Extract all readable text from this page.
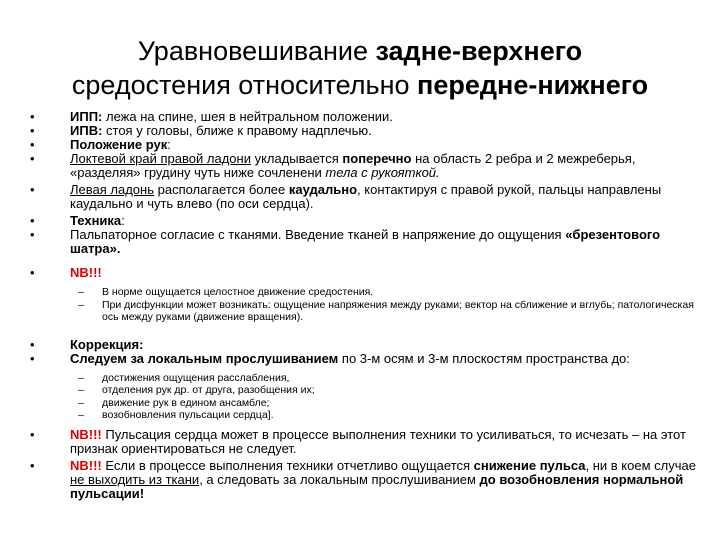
Уравновешивание задне-верхнего
средостения относительно передне-нижнего
•	ИПП: лежа на спине, шея в нейтральном положении.
•	ИПВ: стоя у головы, ближе к правому надплечью.
•	Положение рук:
•	Локтевой край правой ладони укладывается поперечно на область 2 ребра и 2 межреберья, «разделяя» грудину чуть ниже сочленени тела с рукояткой.
•	Левая ладонь располагается более каудально, контактируя с правой рукой, пальцы направлены каудально и чуть влево (по оси сердца).
•	Техника:
•	Пальпаторное согласие с тканями. Введение тканей в напряжение до ощущения «брезентового шатра».
•	NB!!!
–	В норме ощущается целостное движение средостения.
–	При дисфункции может возникать: ощущение напряжения между руками; вектор на сближение и вглубь; патологическая ось между руками (движение вращения).
•	Коррекция:
•	Следуем за локальным прослушиванием по 3-м осям и 3-м плоскостям пространства до:
–	достижения ощущения расслабления,
–	отделения рук др. от друга, разобщения их;
–	движение рук в едином ансамбле;
–	возобновления пульсации сердца].
•	NB!!! Пульсация сердца может в процессе выполнения техники то усиливаться, то исчезать – на этот признак ориентироваться не следует.
•	NB!!! Если в процессе выполнения техники отчетливо ощущается снижение пульса, ни в коем случае не выходить из ткани, а следовать за локальным прослушиванием до возобновления нормальной пульсации!
